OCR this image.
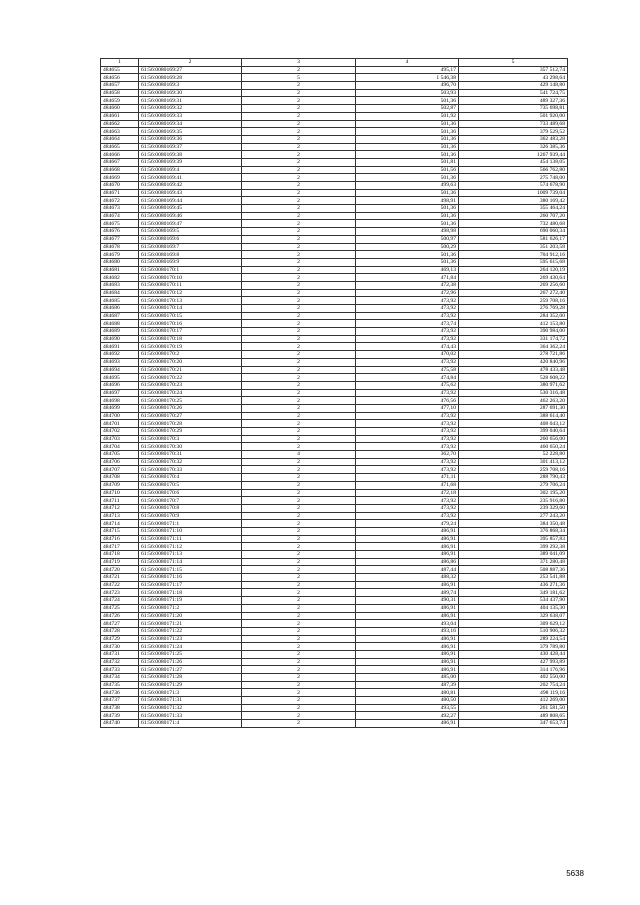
1	2	3	4	5
484655	61:56:0080169:27	2	495,17	357 512,74
484656	61:56:0080169:28	5	1 546,38	43 298,64
484657	61:56:0080169:3	2	496,70	429 148,80
484658	61:56:0080169:30	2	503,93	541 724,75
484659	61:56:0080169:31	2	501,36	489 327,36
484660	61:56:0080169:32	2	502,87	735 698,81
484661	61:56:0080169:33	2	501,92	501 920,00
484662	61:56:0080169:34	2	501,36	733 489,68
484663	61:56:0080169:35	2	501,36	379 529,52
484664	61:56:0080169:36	2	501,36	362 483,28
484665	61:56:0080169:37	2	501,36	326 385,36
484666	61:56:0080169:38	2	501,36	1267 939,44
484667	61:56:0080169:39	2	501,81	454 138,05
484668	61:56:0080169:4	2	501,56	566 762,80
484669	61:56:0080169:41	2	501,36	275 748,00
484670	61:56:0080169:42	2	499,63	574 678,90
484671	61:56:0080169:43	2	501,36	1009 739,04
484672	61:56:0080169:44	2	498,91	380 169,42
484673	61:56:0080169:45	2	501,36	355 464,24
484674	61:56:0080169:46	2	501,36	260 707,20
484675	61:56:0080169:47	2	501,36	732 480,68
484676	61:56:0080169:5	2	498,98	690 060,34
484677	61:56:0080169:6	2	500,97	581 626,17
484678	61:56:0080169:7	2	500,29	351 203,58
484679	61:56:0080169:8	2	501,36	704 912,16
484680	61:56:0080169:9	2	501,36	595 615,68
484681	61:56:0080170:1	2	469,13	264 120,19
484682	61:56:0080170:10	2	471,84	269 430,64
484683	61:56:0080170:11	2	472,38	269 256,60
484684	61:56:0080170:12	2	472,96	267 272,40
484685	61:56:0080170:13	2	473,92	259 708,16
484686	61:56:0080170:14	2	473,92	276 769,28
484687	61:56:0080170:15	2	473,92	284 352,00
484688	61:56:0080170:16	2	473,74	412 153,80
484689	61:56:0080170:17	2	473,92	390 984,00
484690	61:56:0080170:18	2	473,92	331 174,72
484691	61:56:0080170:19	2	474,43	364 362,24
484692	61:56:0080170:2	2	470,02	278 721,86
484693	61:56:0080170:20	2	473,92	420 840,96
484694	61:56:0080170:21	2	475,58	478 433,48
484695	61:56:0080170:22	2	474,84	528 608,22
484696	61:56:0080170:23	2	475,62	380 971,62
484697	61:56:0080170:24	2	473,92	530 316,48
484698	61:56:0080170:25	2	476,56	462 263,20
484699	61:56:0080170:26	2	477,10	287 691,30
484700	61:56:0080170:27	2	473,92	388 614,40
484701	61:56:0080170:28	2	473,92	408 043,12
484702	61:56:0080170:29	2	473,92	399 040,64
484703	61:56:0080170:3	2	473,92	260 656,00
484704	61:56:0080170:30	2	473,92	460 650,24
484705	61:56:0080170:31	4	362,70	52 228,80
484706	61:56:0080170:32	2	473,92	301 413,12
484707	61:56:0080170:33	2	473,92	259 708,16
484708	61:56:0080170:4	2	471,11	288 790,43
484709	61:56:0080170:5	2	471,68	279 706,24
484710	61:56:0080170:6	2	472,18	302 195,20
484711	61:56:0080170:7	2	473,92	235 916,80
484712	61:56:0080170:8	2	473,92	239 329,60
484713	61:56:0080170:9	2	473,92	277 243,20
484714	61:56:0080171:1	2	479,24	384 350,48
484715	61:56:0080171:10	2	486,91	376 868,34
484716	61:56:0080171:11	2	486,91	395 857,83
484717	61:56:0080171:12	2	486,91	399 292,38
484718	61:56:0080171:13	2	486,91	389 041,09
484719	61:56:0080171:14	2	486,86	371 280,48
484720	61:56:0080171:15	2	487,44	508 887,36
484721	61:56:0080171:16	2	488,32	253 541,88
484722	61:56:0080171:17	2	486,91	436 271,36
484723	61:56:0080171:18	2	489,74	349 181,62
484724	61:56:0080171:19	2	490,31	534 437,90
484725	61:56:0080171:2	2	486,91	404 135,30
484726	61:56:0080171:20	2	486,91	329 638,07
484727	61:56:0080171:21	2	493,04	309 629,12
484728	61:56:0080171:22	2	493,16	510 906,32
484729	61:56:0080171:23	2	486,91	289 224,54
484730	61:56:0080171:24	2	486,91	379 789,80
484731	61:56:0080171:25	2	486,91	430 428,44
484732	61:56:0080171:26	2	486,91	427 993,89
484733	61:56:0080171:27	2	486,91	314 176,96
484734	61:56:0080171:28	2	485,00	402 550,00
484735	61:56:0080171:29	2	487,39	202 754,24
484736	61:56:0080171:3	2	480,81	498 119,16
484737	61:56:0080171:31	2	480,50	412 269,00
484738	61:56:0080171:32	2	493,55	261 581,50
484739	61:56:0080171:33	2	492,27	489 808,65
484740	61:56:0080171:4	2	486,91	347 653,74
5638
